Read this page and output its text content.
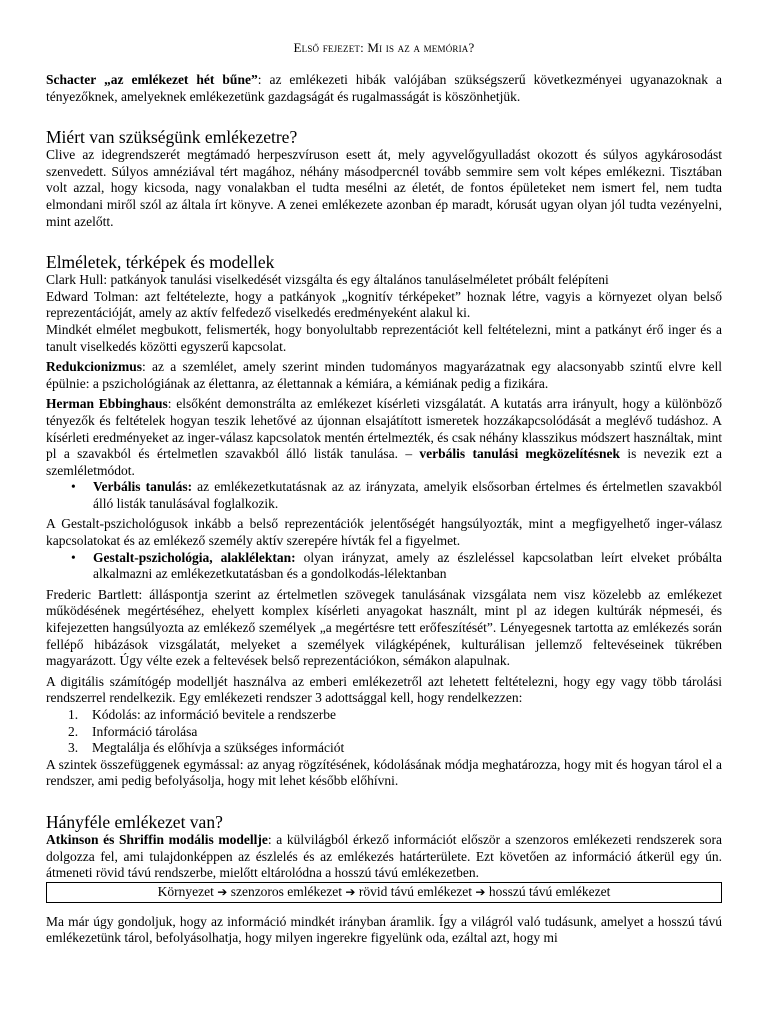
Első fejezet: Mi is az a memória?

Schacter „az emlékezet hét bűne”: az emlékezeti hibák valójában szükségszerű következményei ugyanazoknak a tényezőknek, amelyeknek emlékezetünk gazdagságát és rugalmasságát is köszönhetjük.

Miért van szükségünk emlékezetre?

Clive az idegrendszerét megtámadó herpeszvíruson esett át, mely agyvelőgyulladást okozott és súlyos agykárosodást szenvedett. Súlyos amnéziával tért magához, néhány másodpercnél tovább semmire sem volt képes emlékezni. Tisztában volt azzal, hogy kicsoda, nagy vonalakban el tudta mesélni az életét, de fontos épületeket nem ismert fel, nem tudta elmondani miről szól az általa írt könyve. A zenei emlékezete azonban ép maradt, kórusát ugyan olyan jól tudta vezényelni, mint azelőtt.

Elméletek, térképek és modellek

Clark Hull: patkányok tanulási viselkedését vizsgálta és egy általános tanuláselméletet próbált felépíteni

Edward Tolman: azt feltételezte, hogy a patkányok „kognitív térképeket” hoznak létre, vagyis a környezet olyan belső reprezentációját, amely az aktív felfedező viselkedés eredményeként alakul ki.

Mindkét elmélet megbukott, felismerték, hogy bonyolultabb reprezentációt kell feltételezni, mint a patkányt érő inger és a tanult viselkedés közötti egyszerű kapcsolat.

Redukcionizmus: az a szemlélet, amely szerint minden tudományos magyarázatnak egy alacsonyabb szintű elvre kell épülnie: a pszichológiának az élettanra, az élettannak a kémiára, a kémiának pedig a fizikára.

Herman Ebbinghaus: elsőként demonstrálta az emlékezet kísérleti vizsgálatát. A kutatás arra irányult, hogy a különböző tényezők és feltételek hogyan teszik lehetővé az újonnan elsajátított ismeretek hozzákapcsolódását a meglévő tudáshoz. A kísérleti eredményeket az inger-válasz kapcsolatok mentén értelmezték, és csak néhány klasszikus módszert használtak, mint pl a szavakból és értelmetlen szavakból álló listák tanulása. – verbális tanulási megközelítésnek is nevezik ezt a szemléletmódot.

• Verbális tanulás: az emlékezetkutatásnak az az irányzata, amelyik elsősorban értelmes és értelmetlen szavakból álló listák tanulásával foglalkozik.

A Gestalt-pszichológusok inkább a belső reprezentációk jelentőségét hangsúlyozták, mint a megfigyelhető inger-válasz kapcsolatokat és az emlékező személy aktív szerepére hívták fel a figyelmet.

• Gestalt-pszichológia, alaklélektan: olyan irányzat, amely az észleléssel kapcsolatban leírt elveket próbálta alkalmazni az emlékezetkutatásban és a gondolkodás-lélektanban

Frederic Bartlett: álláspontja szerint az értelmetlen szövegek tanulásának vizsgálata nem visz közelebb az emlékezet működésének megértéséhez, ehelyett komplex kísérleti anyagokat használt, mint pl az idegen kultúrák népmeséi, és kifejezetten hangsúlyozta az emlékező személyek „a megértésre tett erőfeszítését”. Lényegesnek tartotta az emlékezés során fellépő hibázások vizsgálatát, melyeket a személyek világképének, kulturálisan jellemző feltevéseinek tükrében magyarázott. Úgy vélte ezek a feltevések belső reprezentációkon, sémákon alapulnak.

A digitális számítógép modelljét használva az emberi emlékezetről azt lehetett feltételezni, hogy egy vagy több tárolási rendszerrel rendelkezik. Egy emlékezeti rendszer 3 adottsággal kell, hogy rendelkezzen:

1. Kódolás: az információ bevitele a rendszerbe

2. Információ tárolása

3. Megtalálja és előhívja a szükséges információt

A szintek összefüggenek egymással: az anyag rögzítésének, kódolásának módja meghatározza, hogy mit és hogyan tárol el a rendszer, ami pedig befolyásolja, hogy mit lehet később előhívni.

Hányféle emlékezet van?

Atkinson és Shriffin modális modellje: a külvilágból érkező információt először a szenzoros emlékezeti rendszerek sora dolgozza fel, ami tulajdonképpen az észlelés és az emlékezés határterülete. Ezt követően az információ átkerül egy ún. átmeneti rövid távú rendszerbe, mielőtt eltárolódna a hosszú távú emlékezetben.

Környezet ➔ szenzoros emlékezet ➔ rövid távú emlékezet ➔ hosszú távú emlékezet

Ma már úgy gondoljuk, hogy az információ mindkét irányban áramlik. Így a világról való tudásunk, amelyet a hosszú távú emlékezetünk tárol, befolyásolhatja, hogy milyen ingerekre figyelünk oda, ezáltal azt, hogy mi
